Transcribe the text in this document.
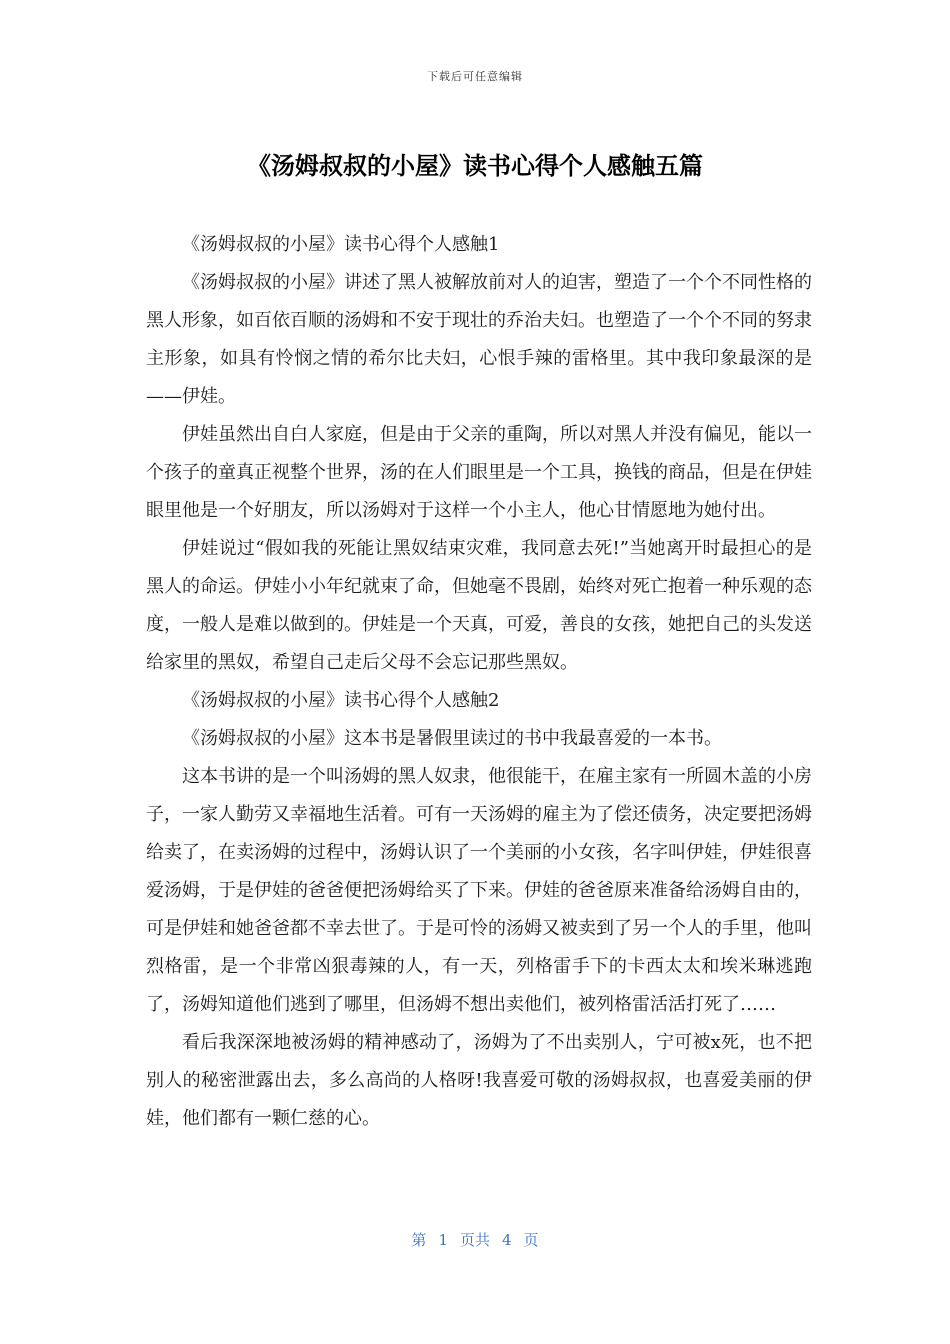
下载后可任意编辑
《汤姆叔叔的小屋》读书心得个人感触五篇

《汤姆叔叔的小屋》读书心得个人感触1

《汤姆叔叔的小屋》讲述了黑人被解放前对人的迫害，塑造了一个个不同性格的黑人形象，如百依百顺的汤姆和不安于现壮的乔治夫妇。也塑造了一个个不同的努隶主形象，如具有怜悯之情的希尔比夫妇，心恨手辣的雷格里。其中我印象最深的是——伊娃。

伊娃虽然出自白人家庭，但是由于父亲的重陶，所以对黑人并没有偏见，能以一个孩子的童真正视整个世界，汤的在人们眼里是一个工具，换钱的商品，但是在伊娃眼里他是一个好朋友，所以汤姆对于这样一个小主人，他心甘情愿地为她付出。

伊娃说过“假如我的死能让黑奴结束灾难，我同意去死!”当她离开时最担心的是黑人的命运。伊娃小小年纪就束了命，但她毫不畏剧，始终对死亡抱着一种乐观的态度，一般人是难以做到的。伊娃是一个天真，可爱，善良的女孩，她把自己的头发送给家里的黑奴，希望自己走后父母不会忘记那些黑奴。

《汤姆叔叔的小屋》读书心得个人感触2

《汤姆叔叔的小屋》这本书是暑假里读过的书中我最喜爱的一本书。

这本书讲的是一个叫汤姆的黑人奴隶，他很能干，在雇主家有一所圆木盖的小房子，一家人勤劳又幸福地生活着。可有一天汤姆的雇主为了偿还债务，决定要把汤姆给卖了，在卖汤姆的过程中，汤姆认识了一个美丽的小女孩，名字叫伊娃，伊娃很喜爱汤姆，于是伊娃的爸爸便把汤姆给买了下来。伊娃的爸爸原来准备给汤姆自由的，可是伊娃和她爸爸都不幸去世了。于是可怜的汤姆又被卖到了另一个人的手里，他叫烈格雷，是一个非常凶狠毒辣的人，有一天，列格雷手下的卡西太太和埃米琳逃跑了，汤姆知道他们逃到了哪里，但汤姆不想出卖他们，被列格雷活活打死了……

看后我深深地被汤姆的精神感动了，汤姆为了不出卖别人，宁可被x死，也不把别人的秘密泄露出去，多么高尚的人格呀!我喜爱可敬的汤姆叔叔，也喜爱美丽的伊娃，他们都有一颗仁慈的心。

第 1 页共 4 页
